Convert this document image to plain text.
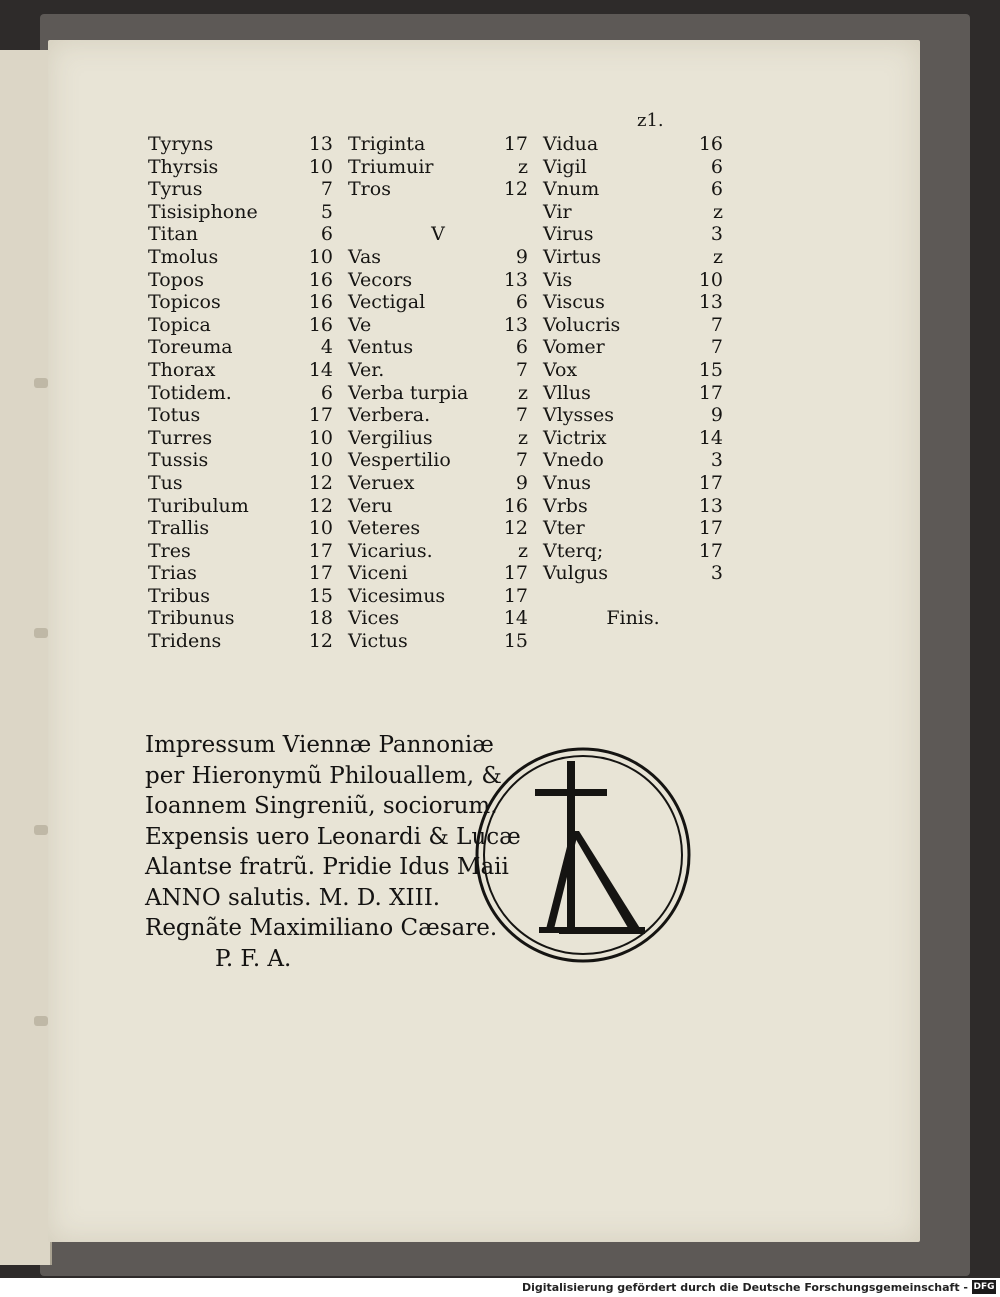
z1.
Tyryns	13
Thyrsis	10
Tyrus	7
Tisisiphone	5
Titan	6
Tmolus	10
Topos	16
Topicos	16
Topica	16
Toreuma	4
Thorax	14
Totidem.	6
Totus	17
Turres	10
Tussis	10
Tus	12
Turibulum	12
Trallis	10
Tres	17
Trias	17
Tribus	15
Tribunus	18
Tridens	12
Triginta	17
Triumuir	z
Tros	12
V
Vas	9
Vecors	13
Vectigal	6
Ve	13
Ventus	6
Ver.	7
Verba turpia	z
Verbera.	7
Vergilius	z
Vespertilio	7
Veruex	9
Veru	16
Veteres	12
Vicarius.	z
Viceni	17
Vicesimus	17
Vices	14
Victus	15
Vidua	16
Vigil	6
Vnum	6
Vir	z
Virus	3
Virtus	z
Vis	10
Viscus	13
Volucris	7
Vomer	7
Vox	15
Vllus	17
Vlysses	9
Victrix	14
Vnedo	3
Vnus	17
Vrbs	13
Vter	17
Vterq;	17
Vulgus	3
Finis.
Impressum Viennæ Pannoniæ
per Hieronymũ Philouallem, &
Ioannem Singreniũ, sociorum.
Expensis uero Leonardi & Lucæ
Alantse fratrũ. Pridie Idus Maii
ANNO salutis. M. D. XIII.
Regnãte Maximiliano Cæsare.
P. F. A.
Digitalisierung gefördert durch die Deutsche Forschungsgemeinschaft - DFG
